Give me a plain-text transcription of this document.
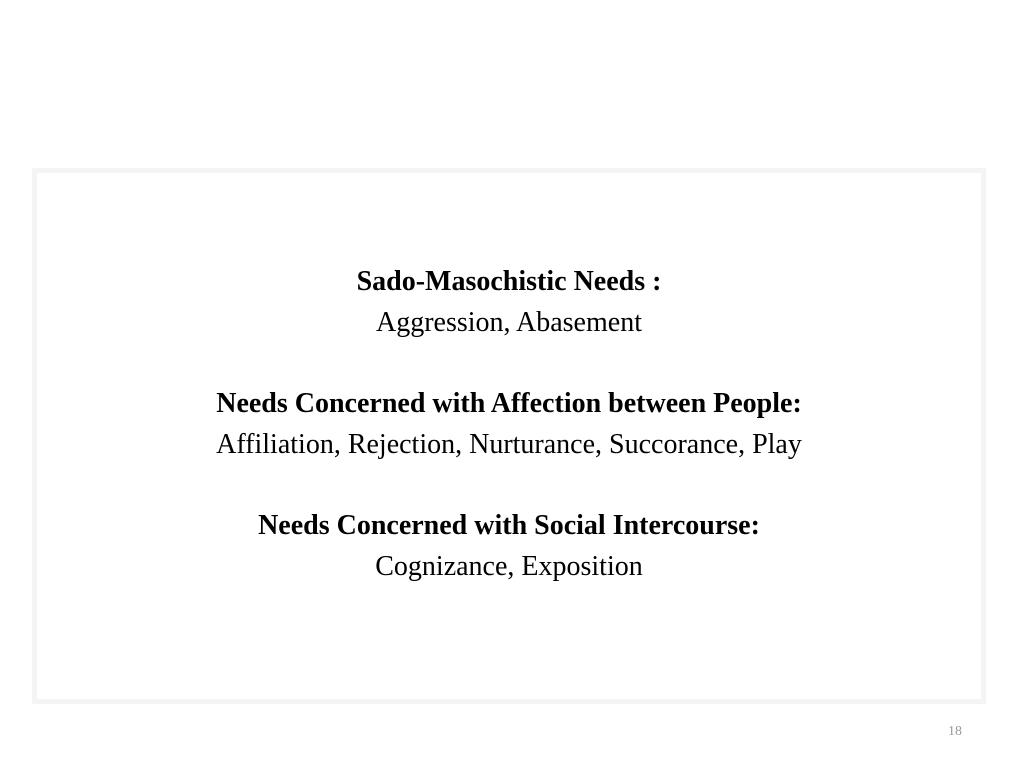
Sado-Masochistic Needs :

Aggression, Abasement

Needs Concerned with Affection between People:

Affiliation, Rejection, Nurturance, Succorance, Play

Needs Concerned with Social Intercourse:

Cognizance, Exposition

18
